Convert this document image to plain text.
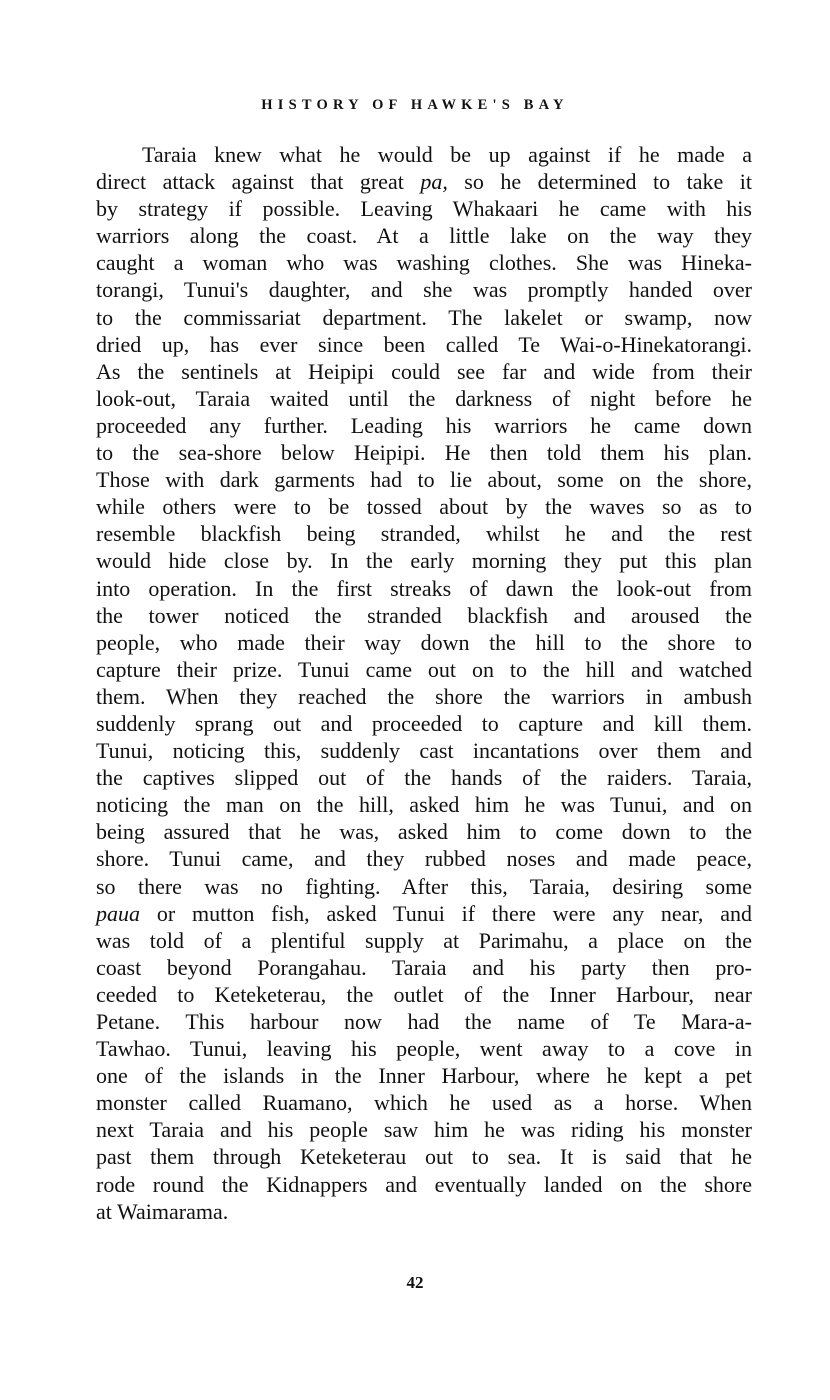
HISTORY OF HAWKE'S BAY
Taraia knew what he would be up against if he made a
direct attack against that great pa, so he determined to take it
by strategy if possible. Leaving Whakaari he came with his
warriors along the coast. At a little lake on the way they
caught a woman who was washing clothes. She was Hineka-
torangi, Tunui's daughter, and she was promptly handed over
to the commissariat department. The lakelet or swamp, now
dried up, has ever since been called Te Wai-o-Hinekatorangi.
As the sentinels at Heipipi could see far and wide from their
look-out, Taraia waited until the darkness of night before he
proceeded any further. Leading his warriors he came down
to the sea-shore below Heipipi. He then told them his plan.
Those with dark garments had to lie about, some on the shore,
while others were to be tossed about by the waves so as to
resemble blackfish being stranded, whilst he and the rest
would hide close by. In the early morning they put this plan
into operation. In the first streaks of dawn the look-out from
the tower noticed the stranded blackfish and aroused the
people, who made their way down the hill to the shore to
capture their prize. Tunui came out on to the hill and watched
them. When they reached the shore the warriors in ambush
suddenly sprang out and proceeded to capture and kill them.
Tunui, noticing this, suddenly cast incantations over them and
the captives slipped out of the hands of the raiders. Taraia,
noticing the man on the hill, asked him he was Tunui, and on
being assured that he was, asked him to come down to the
shore. Tunui came, and they rubbed noses and made peace,
so there was no fighting. After this, Taraia, desiring some
paua or mutton fish, asked Tunui if there were any near, and
was told of a plentiful supply at Parimahu, a place on the
coast beyond Porangahau. Taraia and his party then pro-
ceeded to Keteketerau, the outlet of the Inner Harbour, near
Petane. This harbour now had the name of Te Mara-a-
Tawhao. Tunui, leaving his people, went away to a cove in
one of the islands in the Inner Harbour, where he kept a pet
monster called Ruamano, which he used as a horse. When
next Taraia and his people saw him he was riding his monster
past them through Keteketerau out to sea. It is said that he
rode round the Kidnappers and eventually landed on the shore
at Waimarama.
42
